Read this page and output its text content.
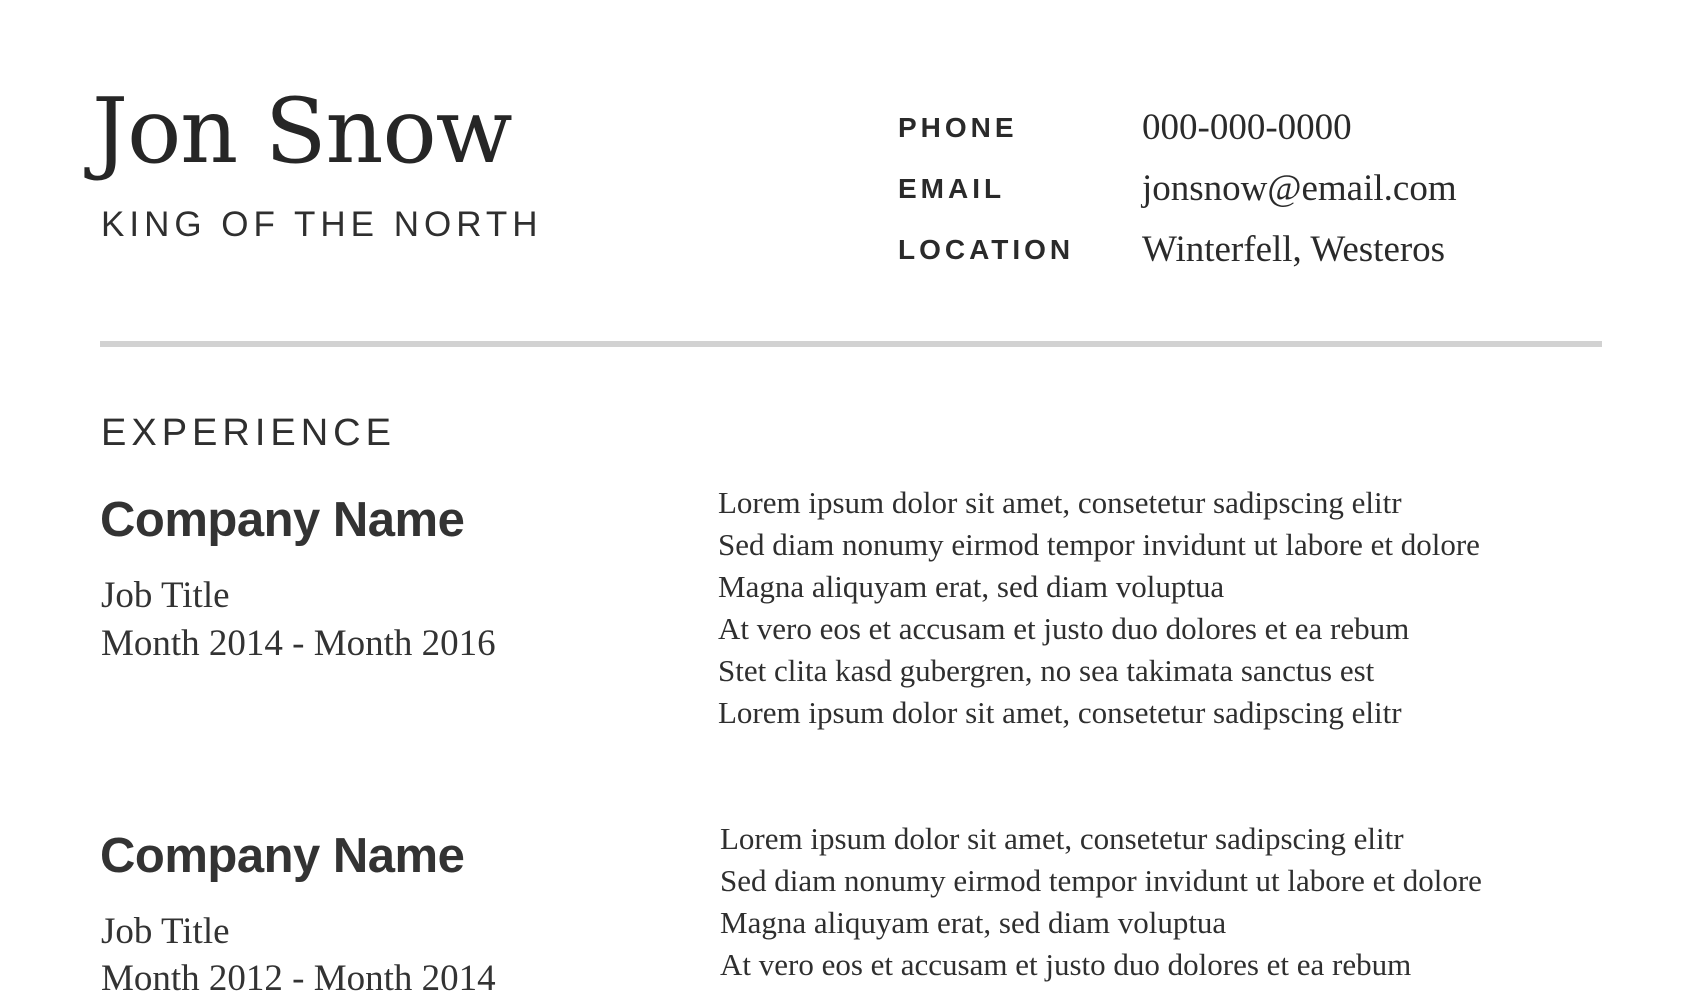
Jon Snow
KING OF THE NORTH
PHONE	000-000-0000
EMAIL	jonsnow@email.com
LOCATION Winterfell, Westeros
EXPERIENCE
Company Name
Job Title
Month 2014 - Month 2016
Lorem ipsum dolor sit amet, consetetur sadipscing elitr
Sed diam nonumy eirmod tempor invidunt ut labore et dolore
Magna aliquyam erat, sed diam voluptua
At vero eos et accusam et justo duo dolores et ea rebum
Stet clita kasd gubergren, no sea takimata sanctus est
Lorem ipsum dolor sit amet, consetetur sadipscing elitr
Company Name
Job Title
Month 2012 - Month 2014
Lorem ipsum dolor sit amet, consetetur sadipscing elitr
Sed diam nonumy eirmod tempor invidunt ut labore et dolore
Magna aliquyam erat, sed diam voluptua
At vero eos et accusam et justo duo dolores et ea rebum
